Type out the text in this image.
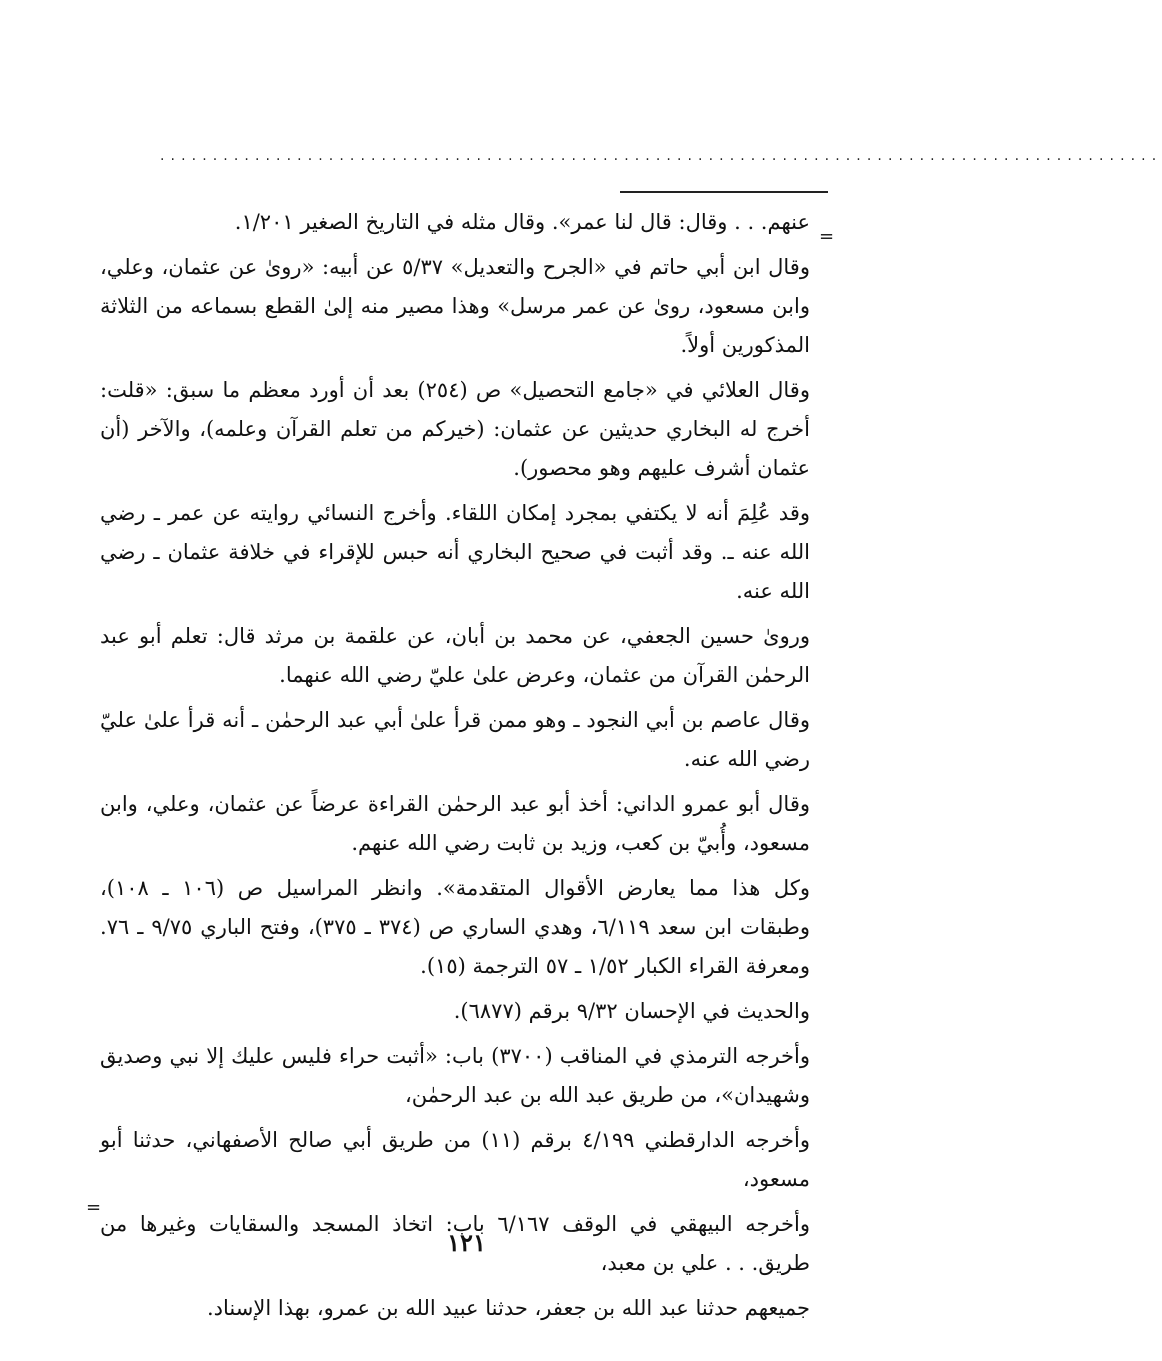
...............................................................................................
=

عنهم. . . وقال: قال لنا عمر». وقال مثله في التاريخ الصغير ١/٢٠١.

وقال ابن أبي حاتم في «الجرح والتعديل» ٥/٣٧ عن أبيه: «روىٰ عن عثمان، وعلي، وابن مسعود، روىٰ عن عمر مرسل» وهذا مصير منه إلىٰ القطع بسماعه من الثلاثة المذكورين أولاً.

وقال العلائي في «جامع التحصيل» ص (٢٥٤) بعد أن أورد معظم ما سبق: «قلت: أخرج له البخاري حديثين عن عثمان: (خيركم من تعلم القرآن وعلمه)، والآخر (أن عثمان أشرف عليهم وهو محصور).

وقد عُلِمَ أنه لا يكتفي بمجرد إمكان اللقاء. وأخرج النسائي روايته عن عمر ـ رضي الله عنه ـ. وقد أثبت في صحيح البخاري أنه حبس للإقراء في خلافة عثمان ـ رضي الله عنه.

وروىٰ حسين الجعفي، عن محمد بن أبان، عن علقمة بن مرثد قال: تعلم أبو عبد الرحمٰن القرآن من عثمان، وعرض علىٰ عليّ رضي الله عنهما.

وقال عاصم بن أبي النجود ـ وهو ممن قرأ علىٰ أبي عبد الرحمٰن ـ أنه قرأ علىٰ عليّ رضي الله عنه.

وقال أبو عمرو الداني: أخذ أبو عبد الرحمٰن القراءة عرضاً عن عثمان، وعلي، وابن مسعود، وأُبيّ بن كعب، وزيد بن ثابت رضي الله عنهم.

وكل هذا مما يعارض الأقوال المتقدمة». وانظر المراسيل ص (١٠٦ ـ ١٠٨)، وطبقات ابن سعد ٦/١١٩، وهدي الساري ص (٣٧٤ ـ ٣٧٥)، وفتح الباري ٩/٧٥ ـ ٧٦. ومعرفة القراء الكبار ١/٥٢ ـ ٥٧ الترجمة (١٥).

والحديث في الإحسان ٩/٣٢ برقم (٦٨٧٧).

وأخرجه الترمذي في المناقب (٣٧٠٠) باب: «أثبت حراء فليس عليك إلا نبي وصديق وشهيدان»، من طريق عبد الله بن عبد الرحمٰن،

وأخرجه الدارقطني ٤/١٩٩ برقم (١١) من طريق أبي صالح الأصفهاني، حدثنا أبو مسعود،

وأخرجه البيهقي في الوقف ٦/١٦٧ باب: اتخاذ المسجد والسقايات وغيرها من طريق. . . علي بن معبد،

جميعهم حدثنا عبد الله بن جعفر، حدثنا عبيد الله بن عمرو، بهذا الإسناد.

=
١٢١
